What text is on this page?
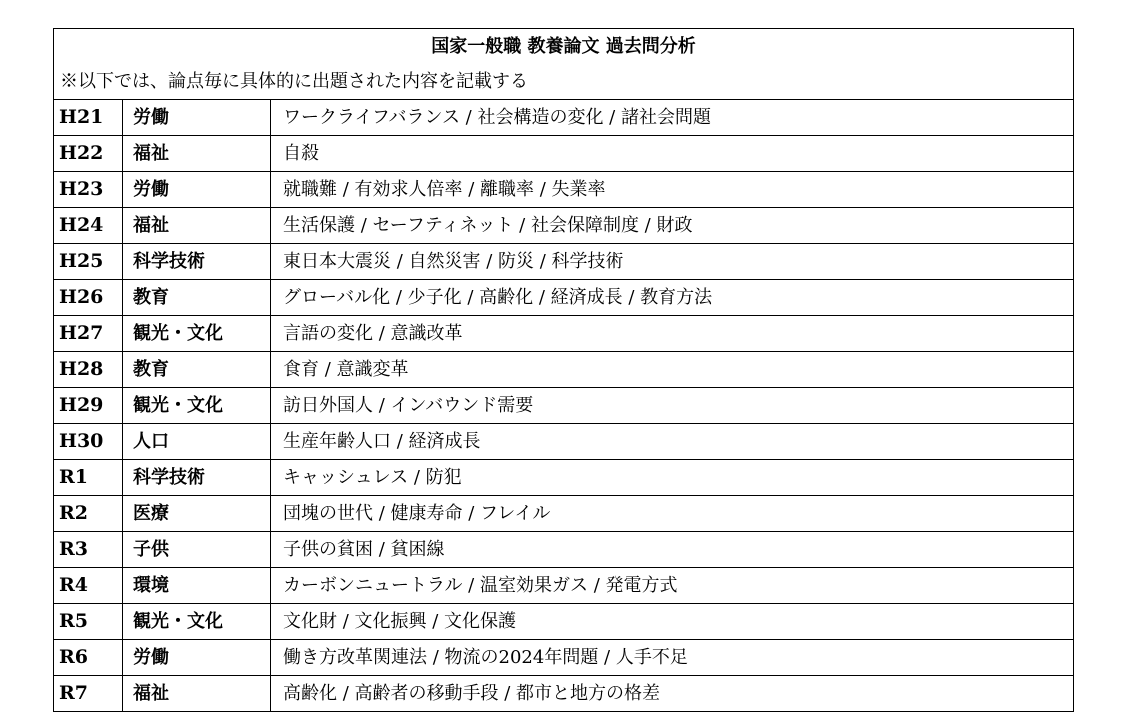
国家一般職 教養論文 過去問分析		
※以下では、論点毎に具体的に出題された内容を記載する		
H21	労働	ワークライフバランス / 社会構造の変化 / 諸社会問題
H22	福祉	自殺
H23	労働	就職難 / 有効求人倍率 / 離職率 / 失業率
H24	福祉	生活保護 / セーフティネット / 社会保障制度 / 財政
H25	科学技術	東日本大震災 / 自然災害 / 防災 / 科学技術
H26	教育	グローバル化 / 少子化 / 高齢化 / 経済成長 / 教育方法
H27	観光・文化	言語の変化 / 意識改革
H28	教育	食育 / 意識変革
H29	観光・文化	訪日外国人 / インバウンド需要
H30	人口	生産年齢人口 / 経済成長
R1	科学技術	キャッシュレス / 防犯
R2	医療	団塊の世代 / 健康寿命 / フレイル
R3	子供	子供の貧困 / 貧困線
R4	環境	カーボンニュートラル / 温室効果ガス / 発電方式
R5	観光・文化	文化財 / 文化振興 / 文化保護
R6	労働	働き方改革関連法 / 物流の2024年問題 / 人手不足
R7	福祉	高齢化 / 高齢者の移動手段 / 都市と地方の格差
